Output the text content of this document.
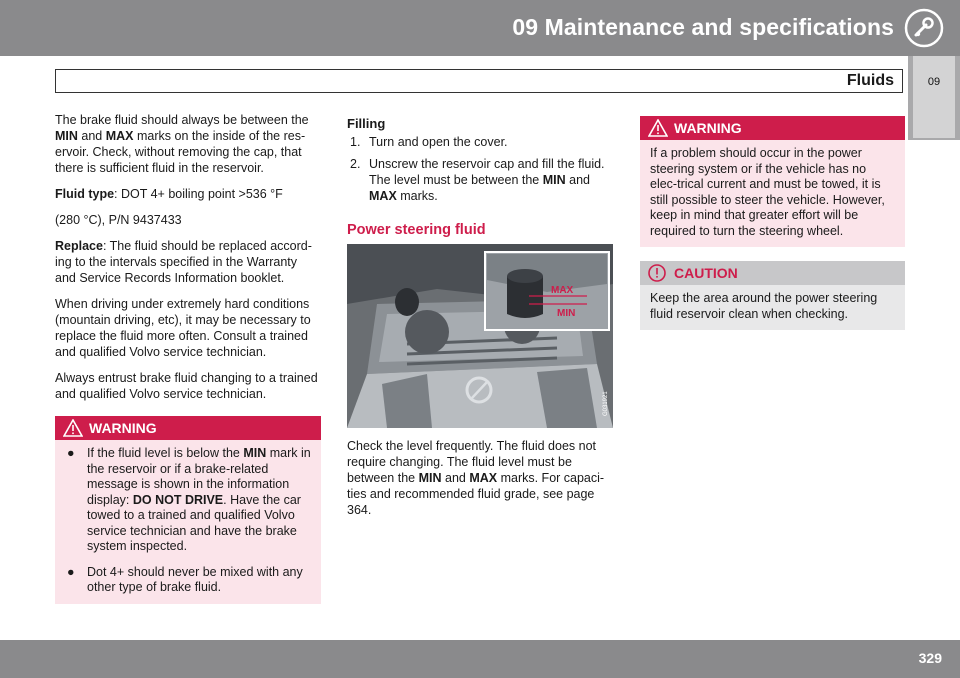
09 Maintenance and specifications
09
Fluids

The brake fluid should always be between the MIN and MAX marks on the inside of the res-ervoir. Check, without removing the cap, that there is sufficient fluid in the reservoir.

Fluid type: DOT 4+ boiling point >536 °F

(280 °C), P/N 9437433

Replace: The fluid should be replaced accord-ing to the intervals specified in the Warranty and Service Records Information booklet.

When driving under extremely hard conditions (mountain driving, etc), it may be necessary to replace the fluid more often. Consult a trained and qualified Volvo service technician.

Always entrust brake fluid changing to a trained and qualified Volvo service technician.

WARNING
● If the fluid level is below the MIN mark in the reservoir or if a brake-related message is shown in the information display: DO NOT DRIVE. Have the car towed to a trained and qualified Volvo service technician and have the brake system inspected.
● Dot 4+ should never be mixed with any other type of brake fluid.
Filling
1. Turn and open the cover.
2. Unscrew the reservoir cap and fill the fluid. The level must be between the MIN and MAX marks.
Power steering fluid
MAX
MIN
G031921

Check the level frequently. The fluid does not require changing. The fluid level must be between the MIN and MAX marks. For capaci-ties and recommended fluid grade, see page 364.

WARNING
If a problem should occur in the power steering system or if the vehicle has no elec-trical current and must be towed, it is still possible to steer the vehicle. However, keep in mind that greater effort will be required to turn the steering wheel.
CAUTION
Keep the area around the power steering fluid reservoir clean when checking.
329
